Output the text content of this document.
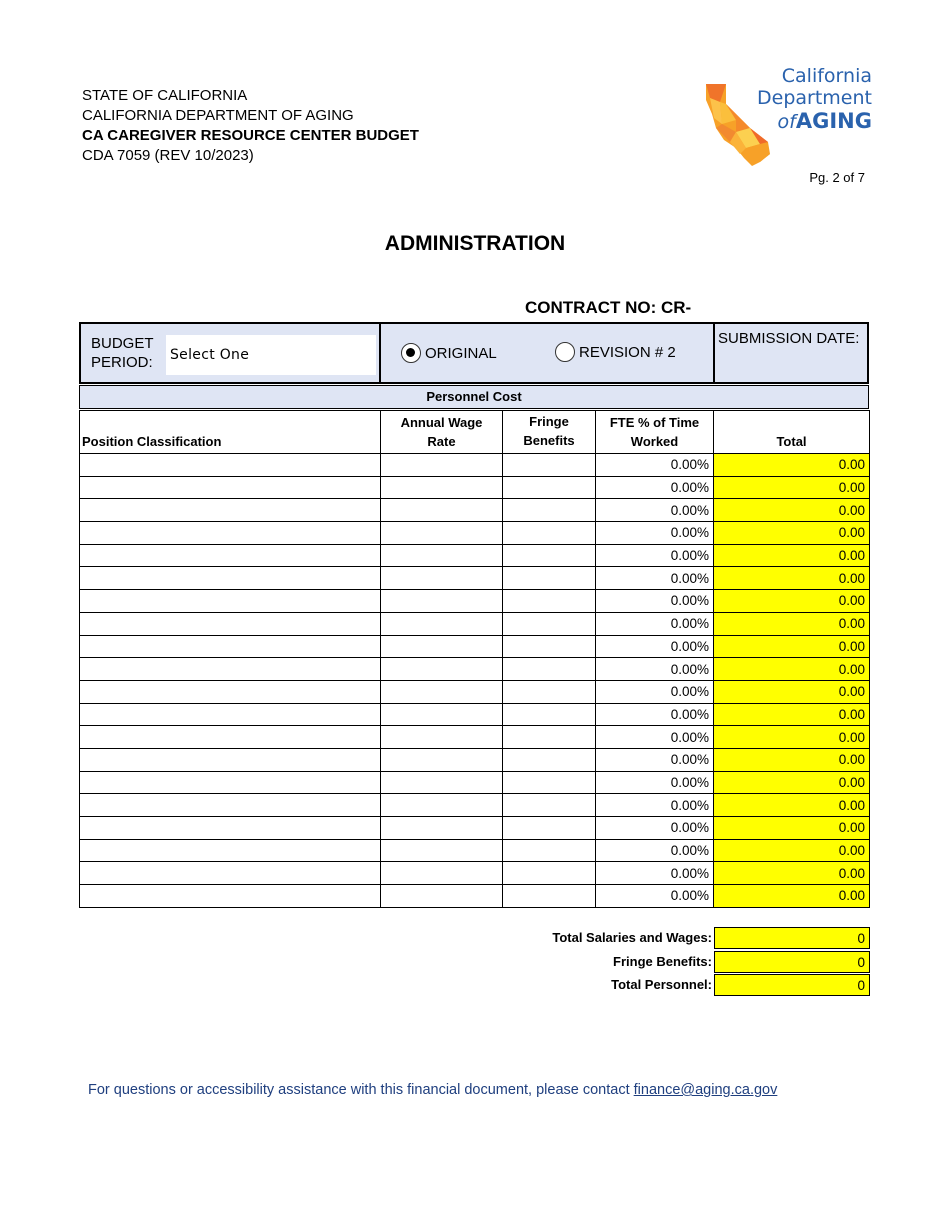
STATE OF CALIFORNIA
CALIFORNIA DEPARTMENT OF AGING
CA CAREGIVER RESOURCE CENTER BUDGET
CDA 7059 (REV 10/2023)
California
Department
ofAGING
Pg. 2 of 7
ADMINISTRATION
CONTRACT NO: CR-
BUDGET
PERIOD: Select One	ORIGINAL	REVISION # 2
SUBMISSION DATE:
Personnel Cost
Position Classification	Annual Wage Rate	Fringe Benefits	FTE % of Time Worked	Total
			0.00%	0.00
			0.00%	0.00
			0.00%	0.00
			0.00%	0.00
			0.00%	0.00
			0.00%	0.00
			0.00%	0.00
			0.00%	0.00
			0.00%	0.00
			0.00%	0.00
			0.00%	0.00
			0.00%	0.00
			0.00%	0.00
			0.00%	0.00
			0.00%	0.00
			0.00%	0.00
			0.00%	0.00
			0.00%	0.00
			0.00%	0.00
			0.00%	0.00
Total Salaries and Wages:	0
Fringe Benefits:	0
Total Personnel:	0
For questions or accessibility assistance with this financial document, please contact finance@aging.ca.gov
